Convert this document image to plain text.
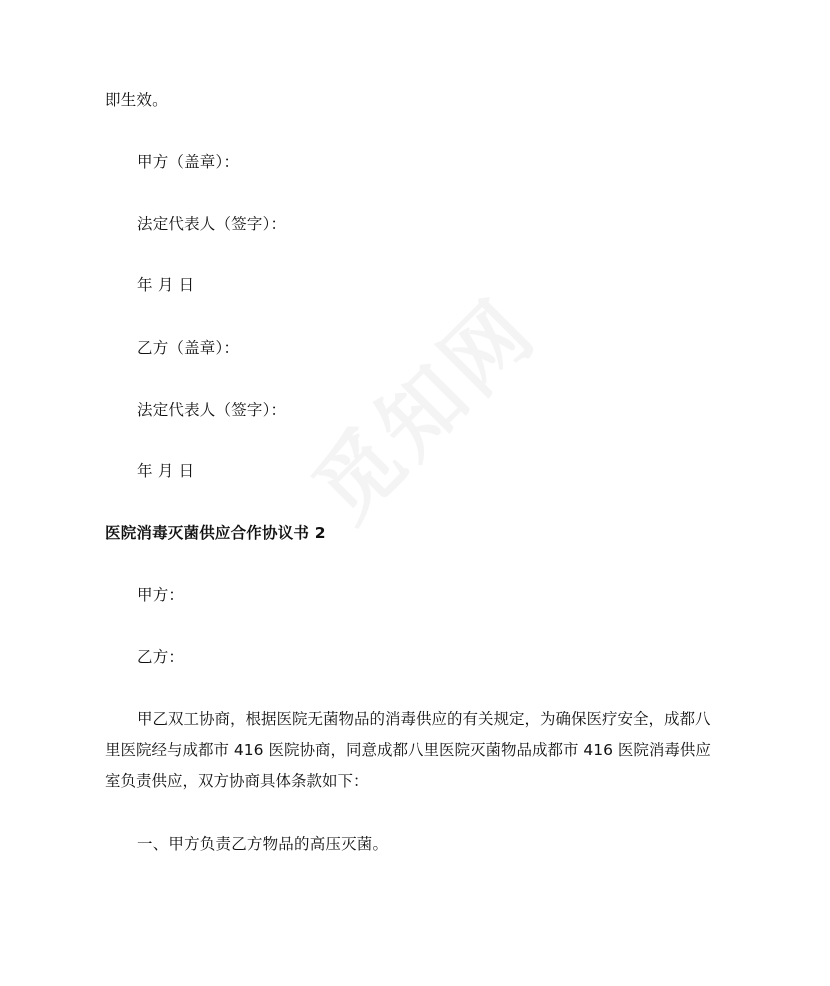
即生效。
甲方（盖章）：
法定代表人（签字）：
年 月 日
乙方（盖章）：
法定代表人（签字）：
年 月 日
医院消毒灭菌供应合作协议书 2
甲方：
乙方：
甲乙双工协商，根据医院无菌物品的消毒供应的有关规定，为确保医疗安全，成都八
里医院经与成都市 416 医院协商，同意成都八里医院灭菌物品成都市 416 医院消毒供应
室负责供应，双方协商具体条款如下：
一、甲方负责乙方物品的高压灭菌。
